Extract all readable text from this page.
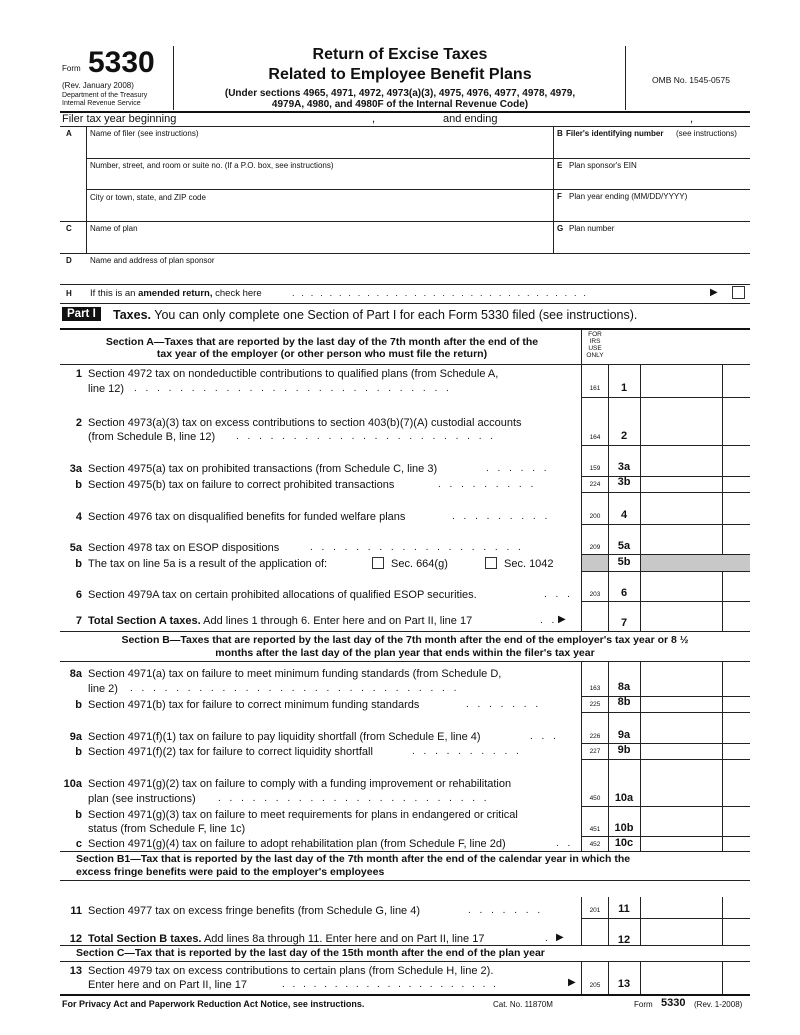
Form 5330
(Rev. January 2008)
Department of the Treasury
Internal Revenue Service
Return of Excise Taxes
Related to Employee Benefit Plans
(Under sections 4965, 4971, 4972, 4973(a)(3), 4975, 4976, 4977, 4978, 4979,
4979A, 4980, and 4980F of the Internal Revenue Code)
OMB No. 1545-0575
Filer tax year beginning	,	and ending	,
A Name of filer (see instructions)
Number, street, and room or suite no. (If a P.O. box, see instructions)
City or town, state, and ZIP code
C Name of plan
D Name and address of plan sponsor
B Filer's identifying number (see instructions)
E Plan sponsor's EIN
F Plan year ending (MM/DD/YYYY)
G Plan number
H If this is an amended return, check here	. . . . . . . . . . . . . . . . . . . . . . . . . . . . . . . .	▶
Part I	Taxes. You can only complete one Section of Part I for each Form 5330 filed (see instructions).
Section A—Taxes that are reported by the last day of the 7th month after the end of the
tax year of the employer (or other person who must file the return)
FOR
IRS
USE
ONLY
1 Section 4972 tax on nondeductible contributions to qualified plans (from Schedule A,
line 12) . . . . . . . . . . . . . . . . . . . . . . . . . . . .	161	1
2 Section 4973(a)(3) tax on excess contributions to section 403(b)(7)(A) custodial accounts
(from Schedule B, line 12) . . . . . . . . . . . . . . . . . . . . . . .	164	2
3a Section 4975(a) tax on prohibited transactions (from Schedule C, line 3)	. . . . . .	159	3a
b Section 4975(b) tax on failure to correct prohibited transactions	. . . . . . . . .	224	3b
4 Section 4976 tax on disqualified benefits for funded welfare plans	. . . . . . . . .	200	4
5a Section 4978 tax on ESOP dispositions	. . . . . . . . . . . . . . . . . . .	209	5a
b The tax on line 5a is a result of the application of:	Sec. 664(g)	Sec. 1042	5b
6 Section 4979A tax on certain prohibited allocations of qualified ESOP securities.	. . .	203	6
7 Total Section A taxes. Add lines 1 through 6. Enter here and on Part II, line 17	. . ▶	7
Section B—Taxes that are reported by the last day of the 7th month after the end of the employer's tax year or 8 ½
months after the last day of the plan year that ends within the filer's tax year
8a Section 4971(a) tax on failure to meet minimum funding standards (from Schedule D,
line 2) . . . . . . . . . . . . . . . . . . . . . . . . . . . . .	163	8a
b Section 4971(b) tax for failure to correct minimum funding standards	. . . . . . .	225	8b
9a Section 4971(f)(1) tax on failure to pay liquidity shortfall (from Schedule E, line 4)	. . .	226	9a
b Section 4971(f)(2) tax for failure to correct liquidity shortfall	. . . . . . . . . .	227	9b
10a Section 4971(g)(2) tax on failure to comply with a funding improvement or rehabilitation
plan (see instructions) . . . . . . . . . . . . . . . . . . . . . . . .	450	10a
b Section 4971(g)(3) tax on failure to meet requirements for plans in endangered or critical
status (from Schedule F, line 1c)	451	10b
c Section 4971(g)(4) tax on failure to adopt rehabilitation plan (from Schedule F, line 2d)	. .	452	10c
Section B1—Tax that is reported by the last day of the 7th month after the end of the calendar year in which the
excess fringe benefits were paid to the employer's employees
11 Section 4977 tax on excess fringe benefits (from Schedule G, line 4)	. . . . . . .	201	11
12 Total Section B taxes. Add lines 8a through 11. Enter here and on Part II, line 17	. ▶	12
Section C—Tax that is reported by the last day of the 15th month after the end of the plan year
13 Section 4979 tax on excess contributions to certain plans (from Schedule H, line 2).
Enter here and on Part II, line 17	. . . . . . . . . . . . . . . . . . . . .	▶	205	13
For Privacy Act and Paperwork Reduction Act Notice, see instructions.	Cat. No. 11870M	Form 5330 (Rev. 1-2008)
